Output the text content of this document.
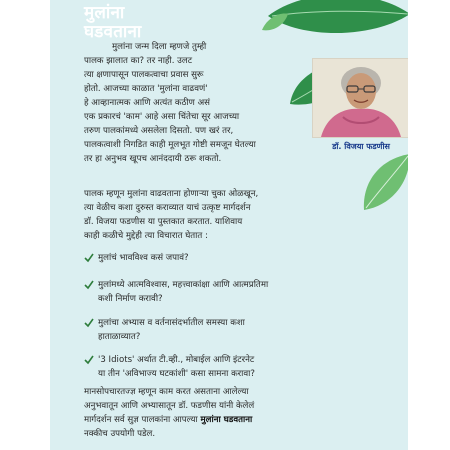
मुलांना
घडवताना
डॉ. विजया फडणीस
मुलांना जन्म दिला म्हणजे तुम्ही
पालक झालात का? तर नाही. उलट
त्या क्षणापासून पालकत्वाचा प्रवास सुरू
होतो. आजच्या काळात 'मुलांना वाढवणं'
हे आव्हानात्मक आणि अत्यंत कठीण असं
एक प्रकारचं 'काम' आहे असा चिंतेचा सूर आजच्या
तरुण पालकांमध्ये असलेला दिसतो. पण खरं तर,
पालकत्वाशी निगडित काही मूलभूत गोष्टी समजून घेतल्या
तर हा अनुभव खूपच आनंददायी ठरू शकतो.
पालक म्हणून मुलांना वाढवताना होणाऱ्या चुका ओळखून,
त्या वेळीच कशा दुरुस्त कराव्यात याचं उत्कृष्ट मार्गदर्शन
डॉ. विजया फडणीस या पुस्तकात करतात. याशिवाय
काही कळीचे मुद्देही त्या विचारात घेतात :
मुलांचं भावविश्व कसं जपावं?
मुलांमध्ये आत्मविश्वास, महत्त्वाकांक्षा आणि आत्मप्रतिमा
कशी निर्माण करावी?
मुलांचा अभ्यास व वर्तनासंदर्भातील समस्या कशा
हाताळाव्यात?
'3 Idiots' अर्थात टी.व्ही., मोबाईल आणि इंटरनेट
या तीन 'अविभाज्य घटकांशी' कसा सामना करावा?
मानसोपचारतज्ज्ञ म्हणून काम करत असताना आलेल्या
अनुभवातून आणि अभ्यासातून डॉ. फडणीस यांनी केलेलं
मार्गदर्शन सर्व सुज्ञ पालकांना आपल्या मुलांना घडवताना
नक्कीच उपयोगी पडेल.
